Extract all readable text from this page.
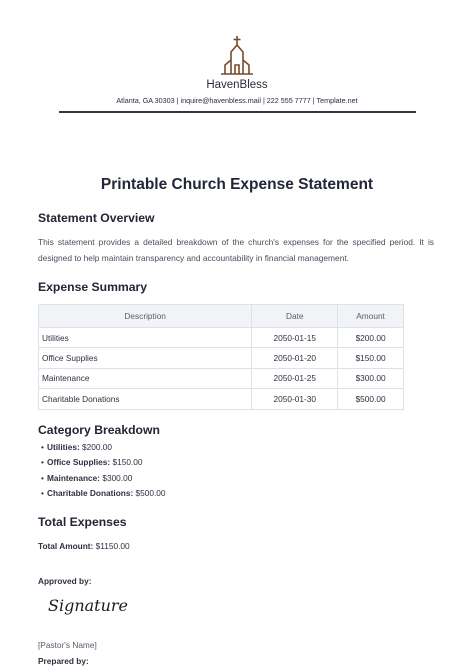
HavenBless
Atlanta, GA 30303 | inquire@havenbless.mail | 222 555 7777 | Template.net
Printable Church Expense Statement
Statement Overview
This statement provides a detailed breakdown of the church's expenses for the specified period. It is designed to help maintain transparency and accountability in financial management.
Expense Summary
Description	Date	Amount
Utilities	2050-01-15	$200.00
Office Supplies	2050-01-20	$150.00
Maintenance	2050-01-25	$300.00
Charitable Donations	2050-01-30	$500.00
Category Breakdown
• Utilities: $200.00
• Office Supplies: $150.00
• Maintenance: $300.00
• Charitable Donations: $500.00
Total Expenses
Total Amount: $1150.00
Approved by:
Signature
[Pastor's Name]
Prepared by:
